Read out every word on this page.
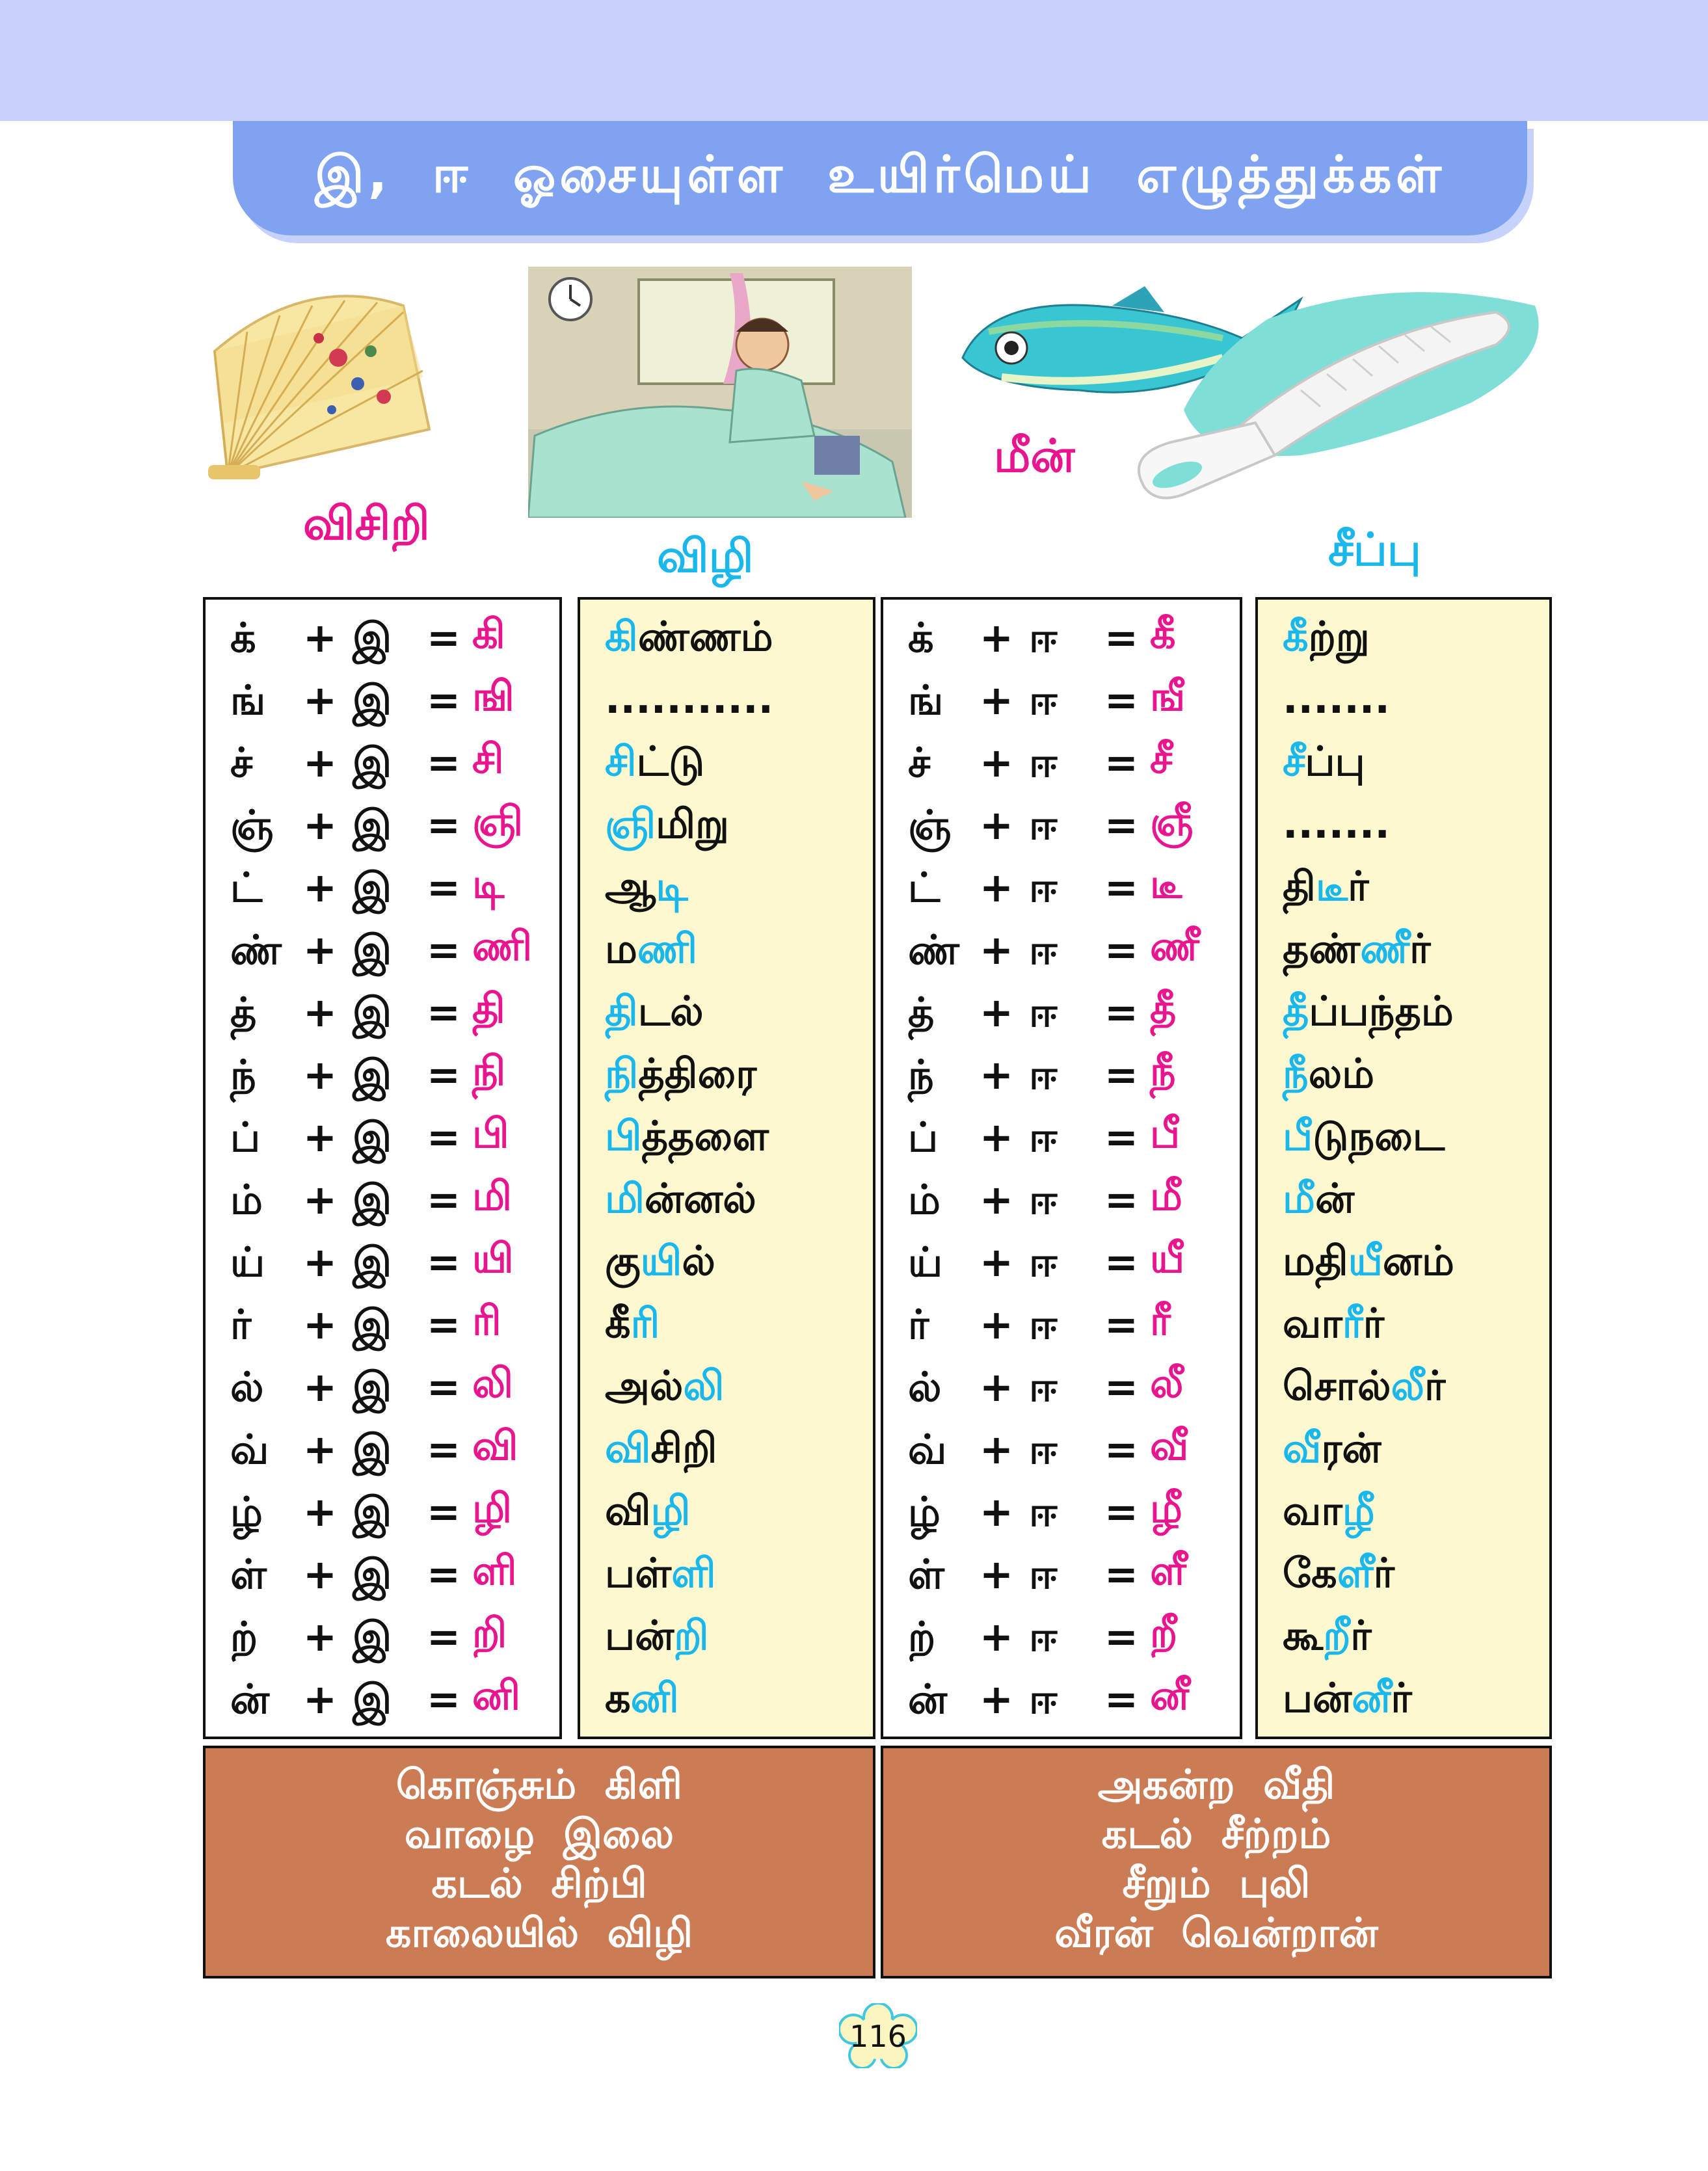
இ, ஈ ஓசையுள்ள உயிர்மெய் எழுத்துக்கள்
விசிறி
விழி
மீன்
சீப்பு
க் + இ = கி
ங் + இ = ஙி
ச் + இ = சி
ஞ் + இ = ஞி
ட் + இ = டி
ண் + இ = ணி
த் + இ = தி
ந் + இ = நி
ப் + இ = பி
ம் + இ = மி
ய் + இ = யி
ர் + இ = ரி
ல் + இ = லி
வ் + இ = வி
ழ் + இ = ழி
ள் + இ = ளி
ற் + இ = றி
ன் + இ = னி
கிண்ணம்
...........
சிட்டு
ஞிமிறு
ஆடி
மணி
திடல்
நித்திரை
பித்தளை
மின்னல்
குயில்
கீரி
அல்லி
விசிறி
விழி
பள்ளி
பன்றி
கனி
க் + ஈ = கீ
ங் + ஈ = ஙீ
ச் + ஈ = சீ
ஞ் + ஈ = ஞீ
ட் + ஈ = டீ
ண் + ஈ = ணீ
த் + ஈ = தீ
ந் + ஈ = நீ
ப் + ஈ = பீ
ம் + ஈ = மீ
ய் + ஈ = யீ
ர் + ஈ = ரீ
ல் + ஈ = லீ
வ் + ஈ = வீ
ழ் + ஈ = ழீ
ள் + ஈ = ளீ
ற் + ஈ = றீ
ன் + ஈ = னீ
கீற்று
.......
சீப்பு
.......
திடீர்
தண்ணீர்
தீப்பந்தம்
நீலம்
பீடுநடை
மீன்
மதியீனம்
வாரீர்
சொல்லீர்
வீரன்
வாழீ
கேளீர்
கூறீர்
பன்னீர்
கொஞ்சும் கிளி
வாழை இலை
கடல் சிற்பி
காலையில் விழி
அகன்ற வீதி
கடல் சீற்றம்
சீறும் புலி
வீரன் வென்றான்
116
